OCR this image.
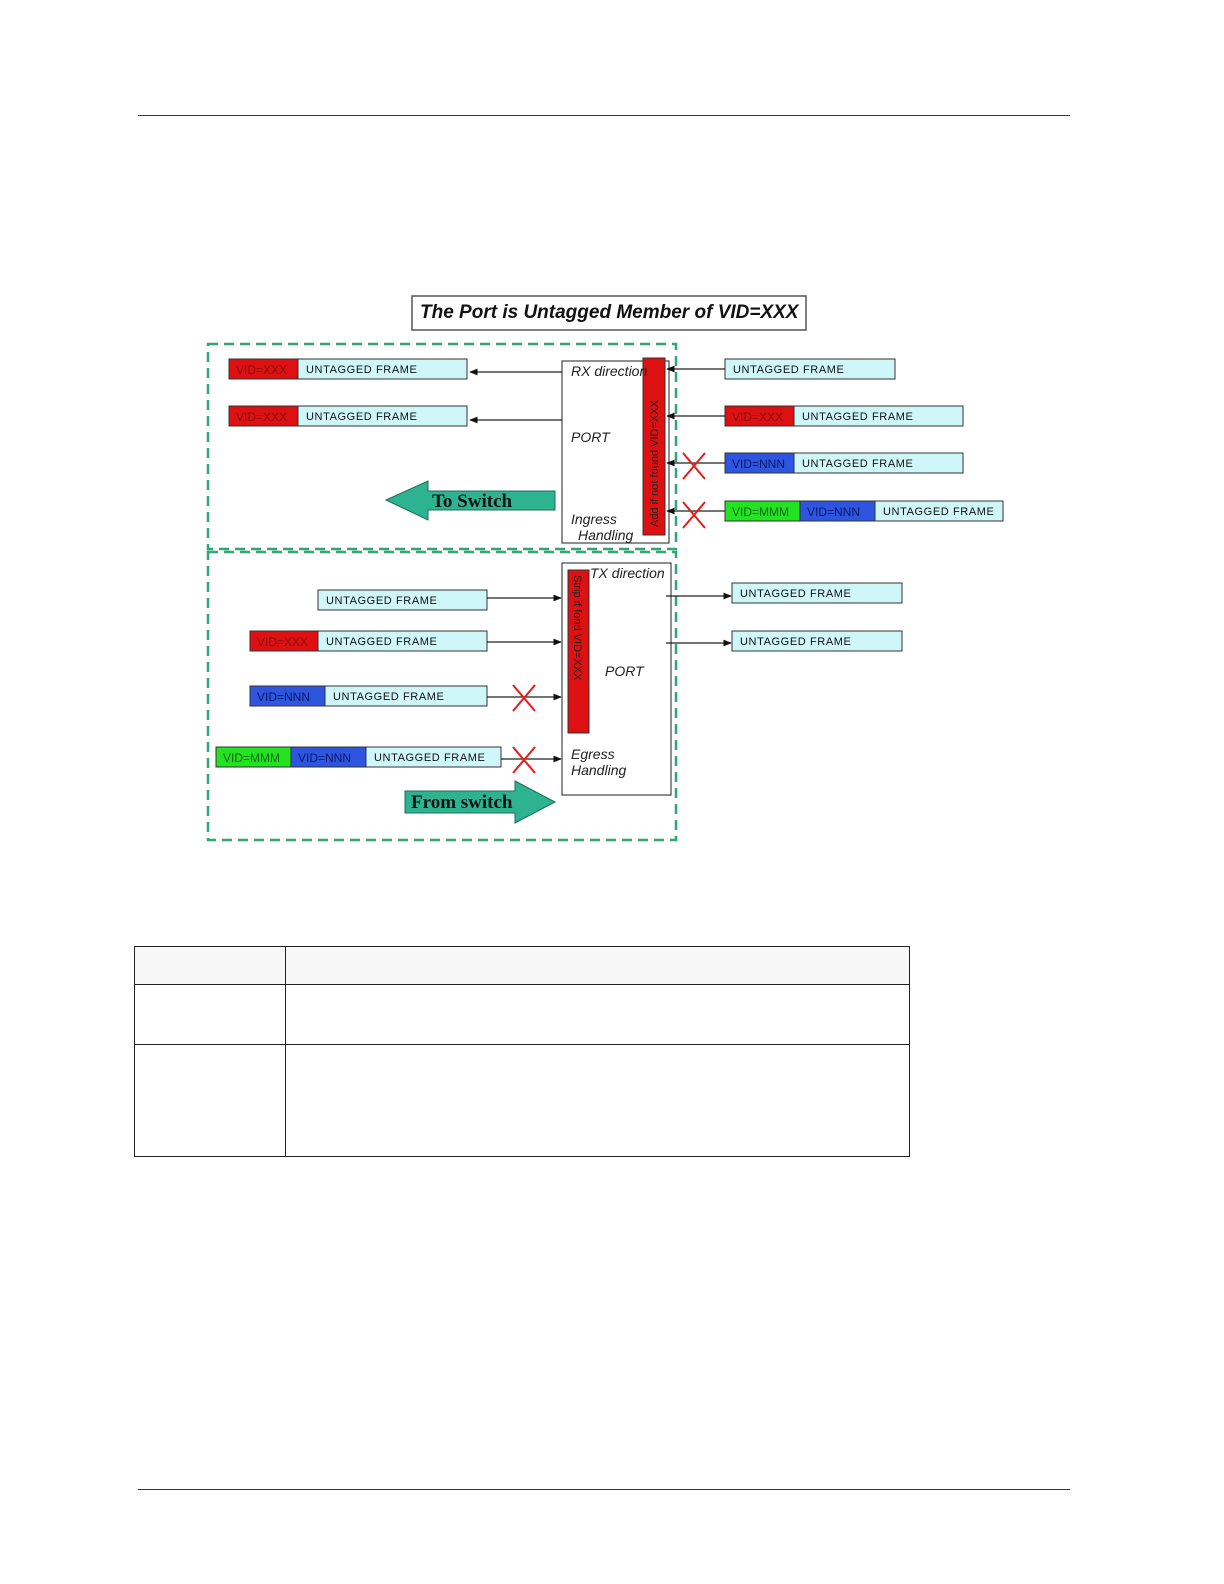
The Port is Untagged Member of VID=XXX
Add if not found VID=XXX
RX direction
PORT
Ingress
Handling
Strip if fond VID=XXX
TX direction
PORT
Egress
Handling
To Switch
From switch
VID=XXX UNTAGGED FRAME
VID=XXX UNTAGGED FRAME
UNTAGGED FRAME
VID=XXX UNTAGGED FRAME
VID=NNN UNTAGGED FRAME
VID=MMM VID=NNN UNTAGGED FRAME
UNTAGGED FRAME
VID=XXX UNTAGGED FRAME
VID=NNN UNTAGGED FRAME
VID=MMM VID=NNN UNTAGGED FRAME
UNTAGGED FRAME
UNTAGGED FRAME
